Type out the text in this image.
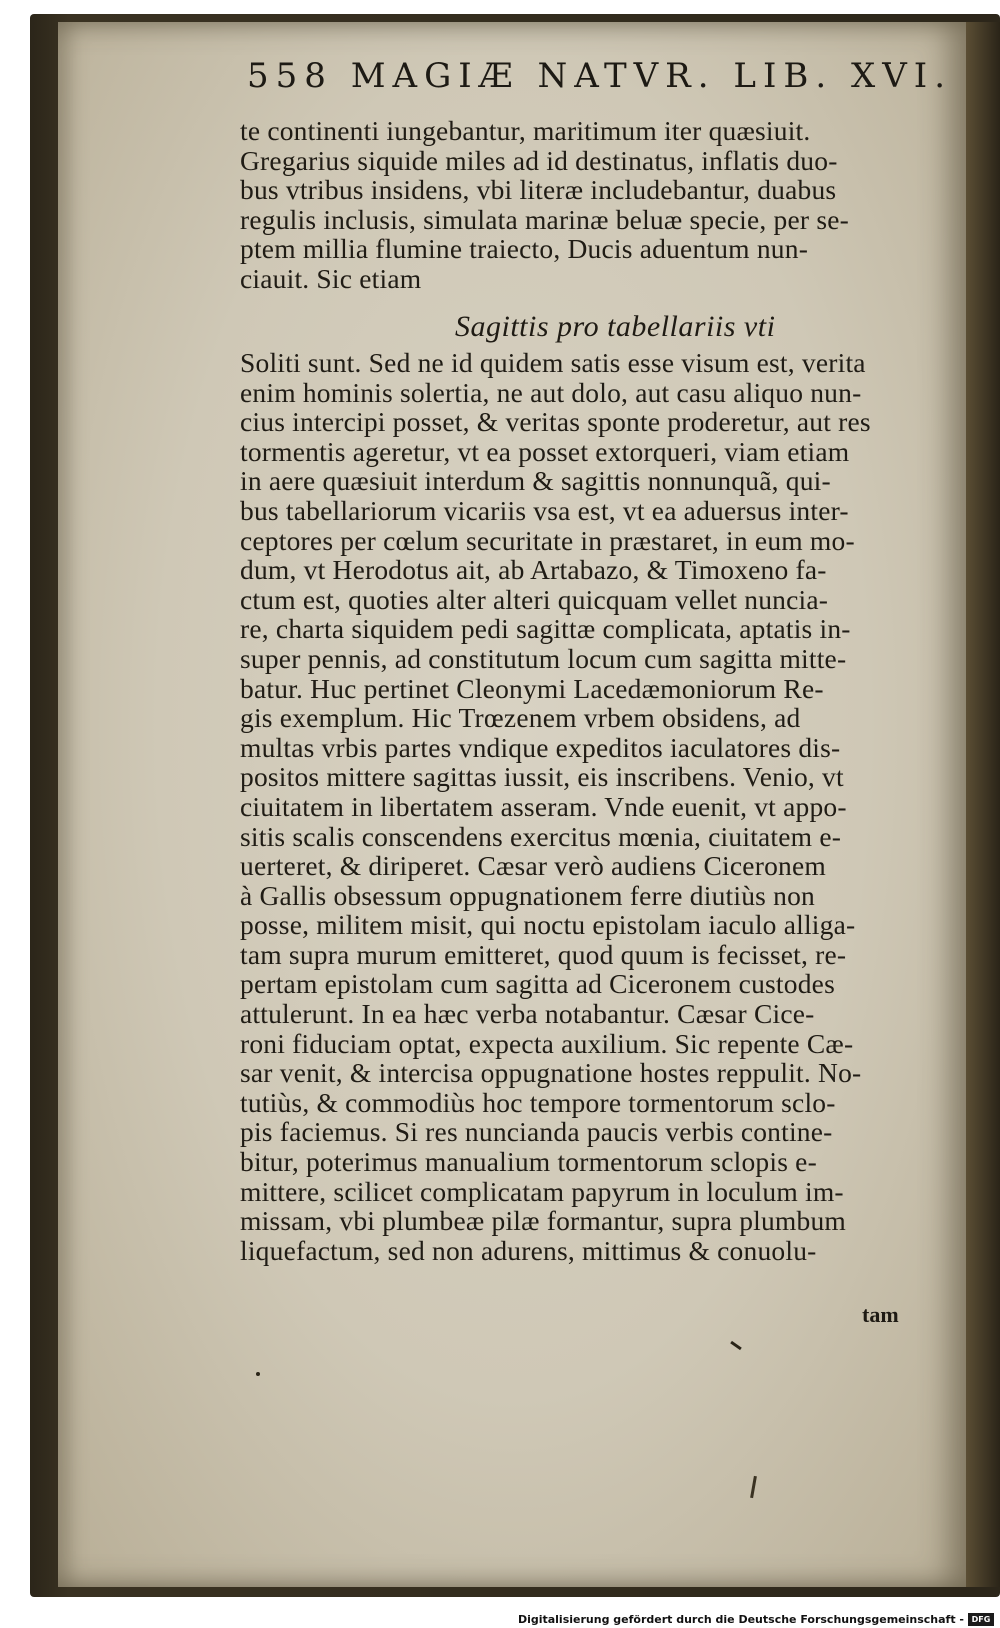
558 MAGIÆ NATVR. LIB. XVI.
te continenti iungebantur, maritimum iter quæsiuit.
Gregarius siquide miles ad id destinatus, inflatis duo-
bus vtribus insidens, vbi literæ includebantur, duabus
regulis inclusis, simulata marinæ beluæ specie, per se-
ptem millia flumine traiecto, Ducis aduentum nun-
ciauit. Sic etiam
Sagittis pro tabellariis vti
Soliti sunt. Sed ne id quidem satis esse visum est, verita
enim hominis solertia, ne aut dolo, aut casu aliquo nun-
cius intercipi posset, & veritas sponte proderetur, aut res
tormentis ageretur, vt ea posset extorqueri, viam etiam
in aere quæsiuit interdum & sagittis nonnunquã, qui-
bus tabellariorum vicariis vsa est, vt ea aduersus inter-
ceptores per cœlum securitate in præstaret, in eum mo-
dum, vt Herodotus ait, ab Artabazo, & Timoxeno fa-
ctum est, quoties alter alteri quicquam vellet nuncia-
re, charta siquidem pedi sagittæ complicata, aptatis in-
super pennis, ad constitutum locum cum sagitta mitte-
batur. Huc pertinet Cleonymi Lacedæmoniorum Re-
gis exemplum. Hic Trœzenem vrbem obsidens, ad
multas vrbis partes vndique expeditos iaculatores dis-
positos mittere sagittas iussit, eis inscribens. Venio, vt
ciuitatem in libertatem asseram. Vnde euenit, vt appo-
sitis scalis conscendens exercitus mœnia, ciuitatem e-
uerteret, & diriperet. Cæsar verò audiens Ciceronem
à Gallis obsessum oppugnationem ferre diutiùs non
posse, militem misit, qui noctu epistolam iaculo alliga-
tam supra murum emitteret, quod quum is fecisset, re-
pertam epistolam cum sagitta ad Ciceronem custodes
attulerunt. In ea hæc verba notabantur. Cæsar Cice-
roni fiduciam optat, expecta auxilium. Sic repente Cæ-
sar venit, & intercisa oppugnatione hostes reppulit. No-
tutiùs, & commodiùs hoc tempore tormentorum sclo-
pis faciemus. Si res nuncianda paucis verbis contine-
bitur, poterimus manualium tormentorum sclopis e-
mittere, scilicet complicatam papyrum in loculum im-
missam, vbi plumbeæ pilæ formantur, supra plumbum
liquefactum, sed non adurens, mittimus & conuolu-
tam
Digitalisierung gefördert durch die Deutsche Forschungsgemeinschaft - DFG
